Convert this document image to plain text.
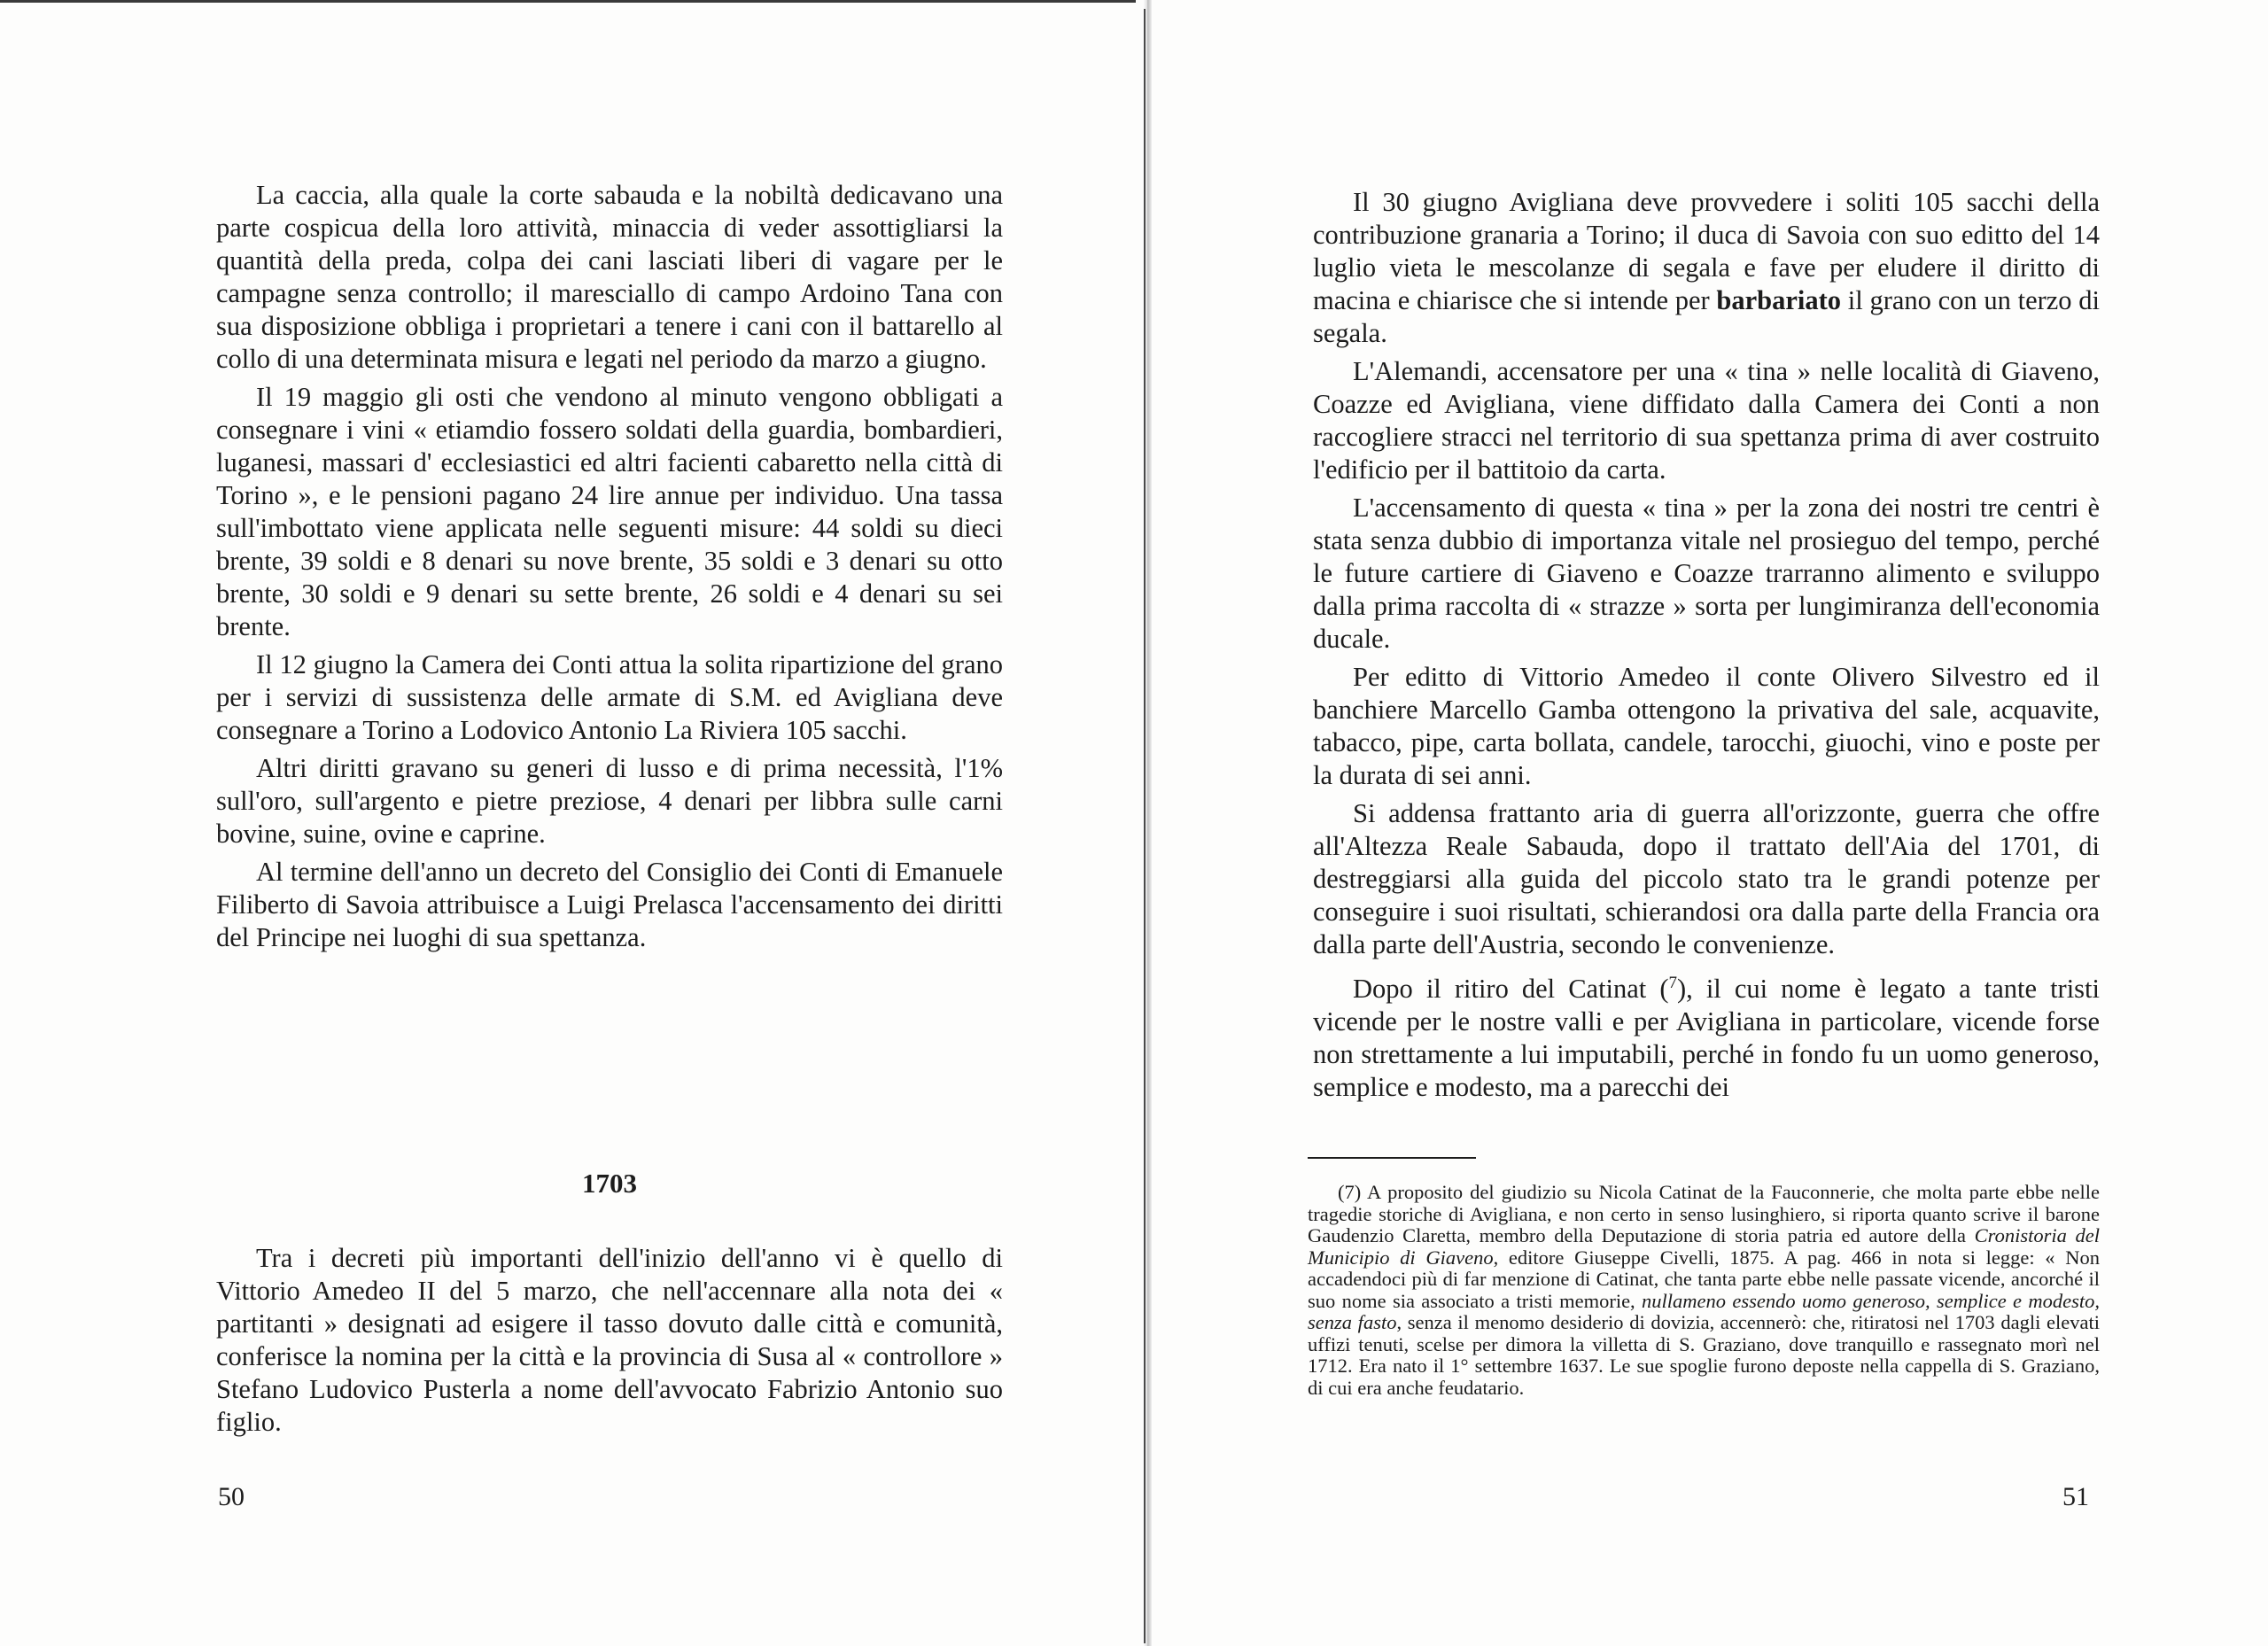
La caccia, alla quale la corte sabauda e la nobiltà dedicavano una parte cospicua della loro attività, minaccia di veder assottigliarsi la quantità della preda, colpa dei cani lasciati liberi di vagare per le campagne senza controllo; il maresciallo di campo Ardoino Tana con sua disposizione obbliga i proprietari a tenere i cani con il battarello al collo di una determinata misura e legati nel periodo da marzo a giugno.

Il 19 maggio gli osti che vendono al minuto vengono obbligati a consegnare i vini « etiamdio fossero soldati della guardia, bombardieri, luganesi, massari d' ecclesiastici ed altri facienti cabaretto nella città di Torino », e le pensioni pagano 24 lire annue per individuo. Una tassa sull'imbottato viene applicata nelle seguenti misure: 44 soldi su dieci brente, 39 soldi e 8 denari su nove brente, 35 soldi e 3 denari su otto brente, 30 soldi e 9 denari su sette brente, 26 soldi e 4 denari su sei brente.

Il 12 giugno la Camera dei Conti attua la solita ripartizione del grano per i servizi di sussistenza delle armate di S.M. ed Avigliana deve consegnare a Torino a Lodovico Antonio La Riviera 105 sacchi.

Altri diritti gravano su generi di lusso e di prima necessità, l'1% sull'oro, sull'argento e pietre preziose, 4 denari per libbra sulle carni bovine, suine, ovine e caprine.

Al termine dell'anno un decreto del Consiglio dei Conti di Emanuele Filiberto di Savoia attribuisce a Luigi Prelasca l'accensamento dei diritti del Principe nei luoghi di sua spettanza.

1703

Tra i decreti più importanti dell'inizio dell'anno vi è quello di Vittorio Amedeo II del 5 marzo, che nell'accennare alla nota dei « partitanti » designati ad esigere il tasso dovuto dalle città e comunità, conferisce la nomina per la città e la provincia di Susa al « controllore » Stefano Ludovico Pusterla a nome dell'avvocato Fabrizio Antonio suo figlio.

50

Il 30 giugno Avigliana deve provvedere i soliti 105 sacchi della contribuzione granaria a Torino; il duca di Savoia con suo editto del 14 luglio vieta le mescolanze di segala e fave per eludere il diritto di macina e chiarisce che si intende per barbariato il grano con un terzo di segala.

L'Alemandi, accensatore per una « tina » nelle località di Giaveno, Coazze ed Avigliana, viene diffidato dalla Camera dei Conti a non raccogliere stracci nel territorio di sua spettanza prima di aver costruito l'edificio per il battitoio da carta.

L'accensamento di questa « tina » per la zona dei nostri tre centri è stata senza dubbio di importanza vitale nel prosieguo del tempo, perché le future cartiere di Giaveno e Coazze trarranno alimento e sviluppo dalla prima raccolta di « strazze » sorta per lungimiranza dell'economia ducale.

Per editto di Vittorio Amedeo il conte Olivero Silvestro ed il banchiere Marcello Gamba ottengono la privativa del sale, acquavite, tabacco, pipe, carta bollata, candele, tarocchi, giuochi, vino e poste per la durata di sei anni.

Si addensa frattanto aria di guerra all'orizzonte, guerra che offre all'Altezza Reale Sabauda, dopo il trattato dell'Aia del 1701, di destreggiarsi alla guida del piccolo stato tra le grandi potenze per conseguire i suoi risultati, schierandosi ora dalla parte della Francia ora dalla parte dell'Austria, secondo le convenienze.

Dopo il ritiro del Catinat ($^7$), il cui nome è legato a tante tristi vicende per le nostre valli e per Avigliana in particolare, vicende forse non strettamente a lui imputabili, perché in fondo fu un uomo generoso, semplice e modesto, ma a parecchi dei

(7) A proposito del giudizio su Nicola Catinat de la Fauconnerie, che molta parte ebbe nelle tragedie storiche di Avigliana, e non certo in senso lusinghiero, si riporta quanto scrive il barone Gaudenzio Claretta, membro della Deputazione di storia patria ed autore della Cronistoria del Municipio di Giaveno, editore Giuseppe Civelli, 1875. A pag. 466 in nota si legge: « Non accadendoci più di far menzione di Catinat, che tanta parte ebbe nelle passate vicende, ancorché il suo nome sia associato a tristi memorie, nullameno essendo uomo generoso, semplice e modesto, senza fasto, senza il menomo desiderio di dovizia, accennerò: che, ritiratosi nel 1703 dagli elevati uffizi tenuti, scelse per dimora la villetta di S. Graziano, dove tranquillo e rassegnato morì nel 1712. Era nato il 1° settembre 1637. Le sue spoglie furono deposte nella cappella di S. Graziano, di cui era anche feudatario.

51
